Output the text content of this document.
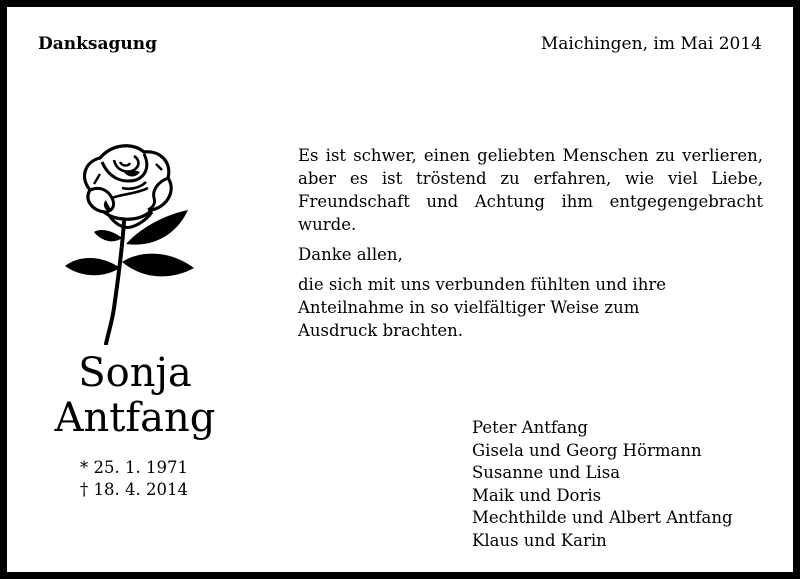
Danksagung	Maichingen, im Mai 2014
Sonja
Antfang
* 25. 1. 1971
† 18. 4. 2014

Es ist schwer, einen geliebten Menschen zu verlieren,
aber es ist tröstend zu erfahren, wie viel Liebe,
Freundschaft und Achtung ihm entgegengebracht
wurde.

Danke allen,

die sich mit uns verbunden fühlten und ihre
Anteilnahme in so vielfältiger Weise zum
Ausdruck brachten.

Peter Antfang
Gisela und Georg Hörmann
Susanne und Lisa
Maik und Doris
Mechthilde und Albert Antfang
Klaus und Karin
